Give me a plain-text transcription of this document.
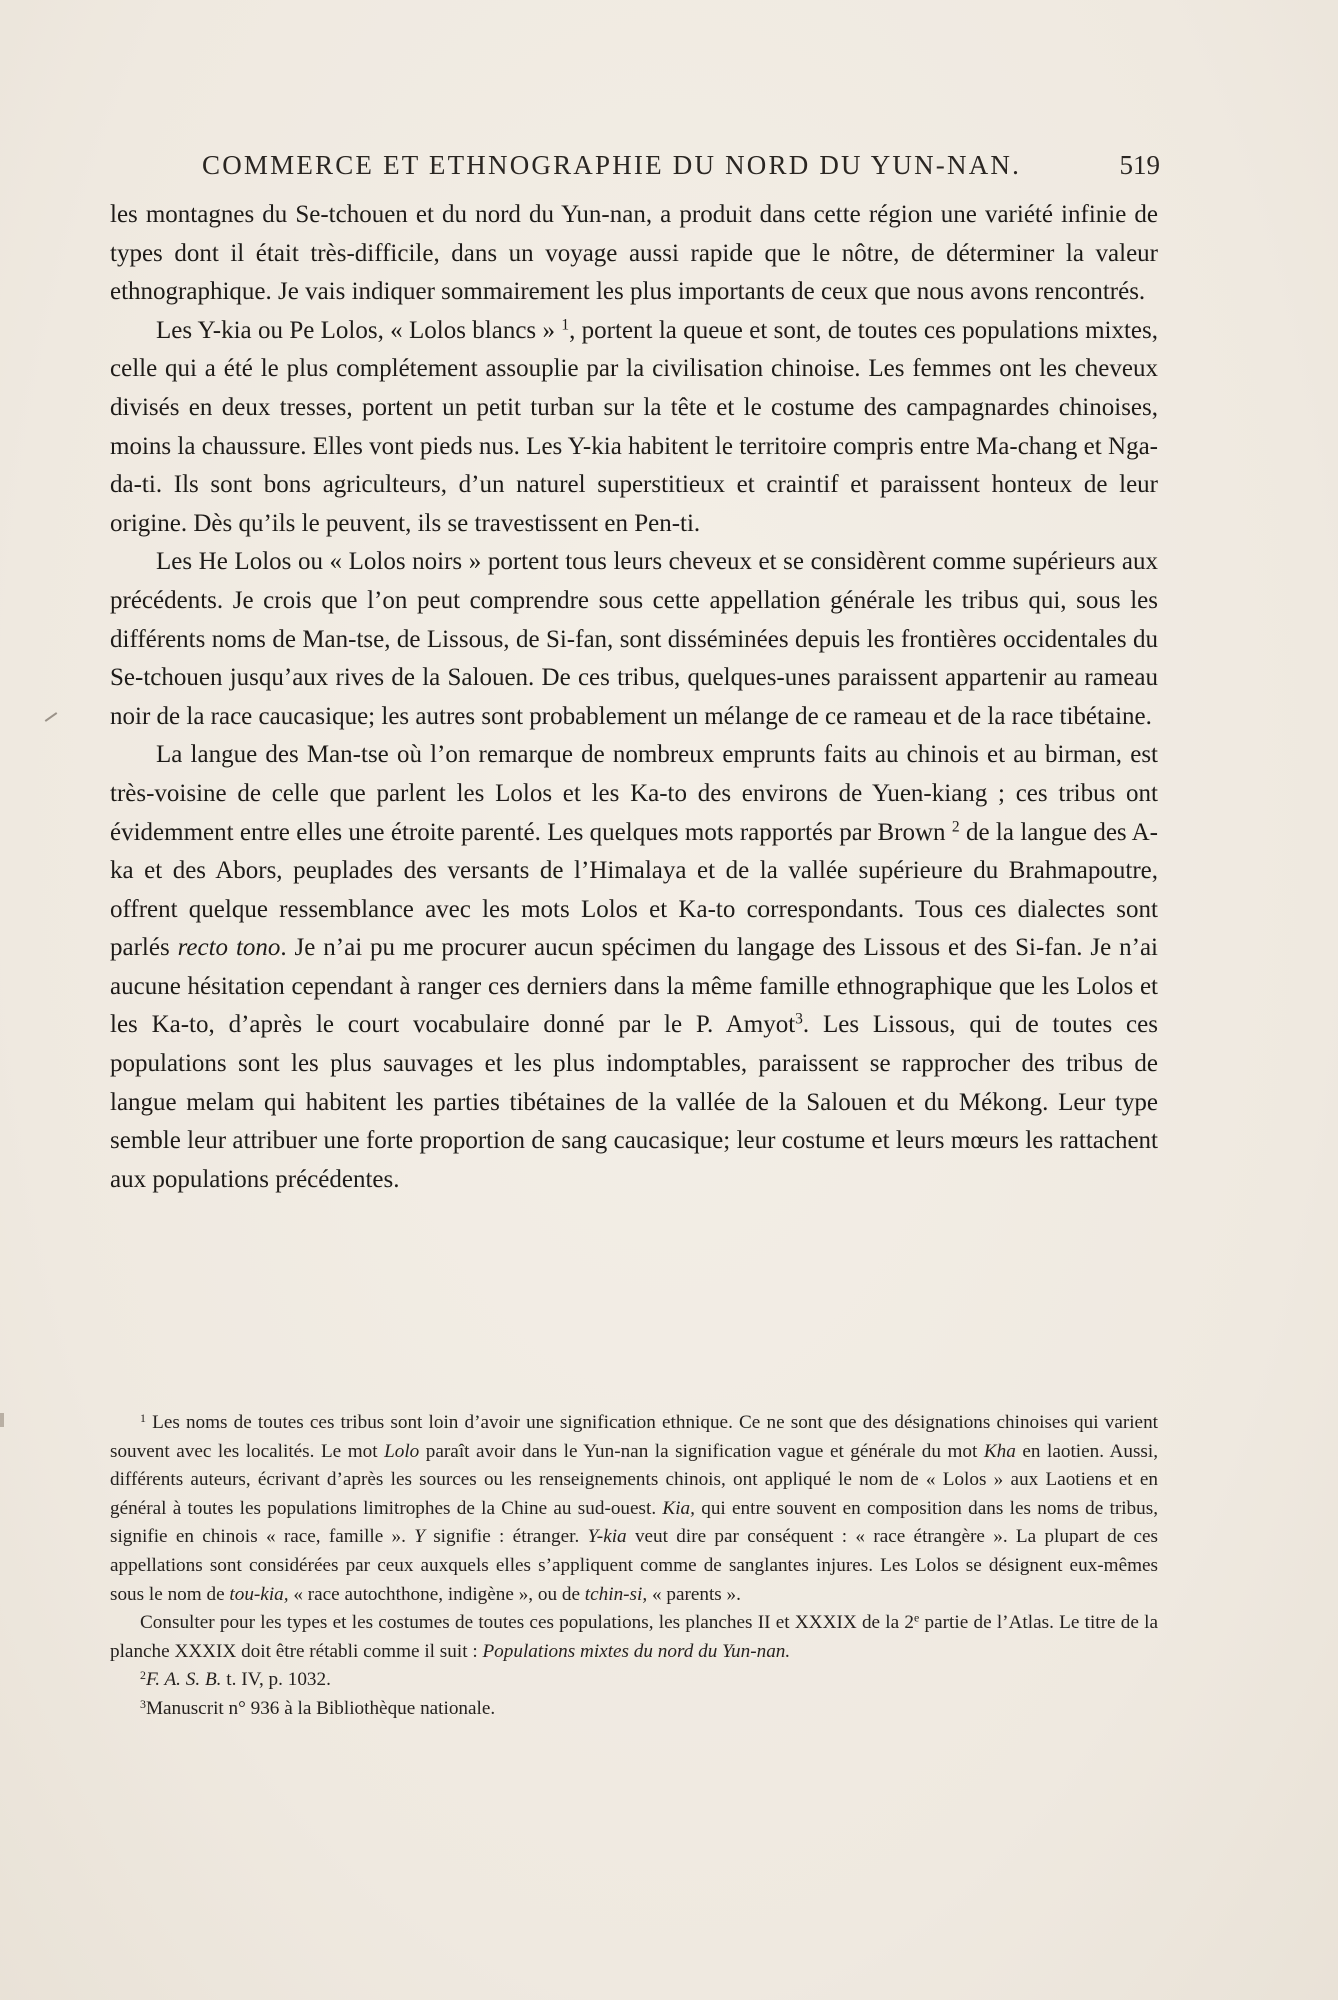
COMMERCE ET ETHNOGRAPHIE DU NORD DU YUN-NAN.	519

les montagnes du Se-tchouen et du nord du Yun-nan, a produit dans cette région une variété infinie de types dont il était très-difficile, dans un voyage aussi rapide que le nôtre, de déterminer la valeur ethnographique. Je vais indiquer sommairement les plus importants de ceux que nous avons rencontrés.

Les Y-kia ou Pe Lolos, « Lolos blancs » $^1$, portent la queue et sont, de toutes ces populations mixtes, celle qui a été le plus complétement assouplie par la civilisation chinoise. Les femmes ont les cheveux divisés en deux tresses, portent un petit turban sur la tête et le costume des campagnardes chinoises, moins la chaussure. Elles vont pieds nus. Les Y-kia habitent le territoire compris entre Ma-chang et Nga-da-ti. Ils sont bons agriculteurs, d’un naturel superstitieux et craintif et paraissent honteux de leur origine. Dès qu’ils le peuvent, ils se travestissent en Pen-ti.

Les He Lolos ou « Lolos noirs » portent tous leurs cheveux et se considèrent comme supérieurs aux précédents. Je crois que l’on peut comprendre sous cette appellation générale les tribus qui, sous les différents noms de Man-tse, de Lissous, de Si-fan, sont disséminées depuis les frontières occidentales du Se-tchouen jusqu’aux rives de la Salouen. De ces tribus, quelques-unes paraissent appartenir au rameau noir de la race caucasique; les autres sont probablement un mélange de ce rameau et de la race tibétaine.

La langue des Man-tse où l’on remarque de nombreux emprunts faits au chinois et au birman, est très-voisine de celle que parlent les Lolos et les Ka-to des environs de Yuen-kiang ; ces tribus ont évidemment entre elles une étroite parenté. Les quelques mots rapportés par Brown $^2$ de la langue des A-ka et des Abors, peuplades des versants de l’Himalaya et de la vallée supérieure du Brahmapoutre, offrent quelque ressemblance avec les mots Lolos et Ka-to correspondants. Tous ces dialectes sont parlés recto tono. Je n’ai pu me procurer aucun spécimen du langage des Lissous et des Si-fan. Je n’ai aucune hésitation cependant à ranger ces derniers dans la même famille ethnographique que les Lolos et les Ka-to, d’après le court vocabulaire donné par le P. Amyot$^3$. Les Lissous, qui de toutes ces populations sont les plus sauvages et les plus indomptables, paraissent se rapprocher des tribus de langue melam qui habitent les parties tibétaines de la vallée de la Salouen et du Mékong. Leur type semble leur attribuer une forte proportion de sang caucasique; leur costume et leurs mœurs les rattachent aux populations précédentes.

$^1$ Les noms de toutes ces tribus sont loin d’avoir une signification ethnique. Ce ne sont que des désignations chinoises qui varient souvent avec les localités. Le mot Lolo paraît avoir dans le Yun-nan la signification vague et générale du mot Kha en laotien. Aussi, différents auteurs, écrivant d’après les sources ou les renseignements chinois, ont appliqué le nom de « Lolos » aux Laotiens et en général à toutes les populations limitrophes de la Chine au sud-ouest. Kia, qui entre souvent en composition dans les noms de tribus, signifie en chinois « race, famille ». Y signifie : étranger. Y-kia veut dire par conséquent : « race étrangère ». La plupart de ces appellations sont considérées par ceux auxquels elles s’appliquent comme de sanglantes injures. Les Lolos se désignent eux-mêmes sous le nom de tou-kia, « race autochthone, indigène », ou de tchin-si, « parents ».

Consulter pour les types et les costumes de toutes ces populations, les planches II et XXXIX de la 2e partie de l’Atlas. Le titre de la planche XXXIX doit être rétabli comme il suit : Populations mixtes du nord du Yun-nan.

$^2$F. A. S. B. t. IV, p. 1032.

$^3$Manuscrit n° 936 à la Bibliothèque nationale.
